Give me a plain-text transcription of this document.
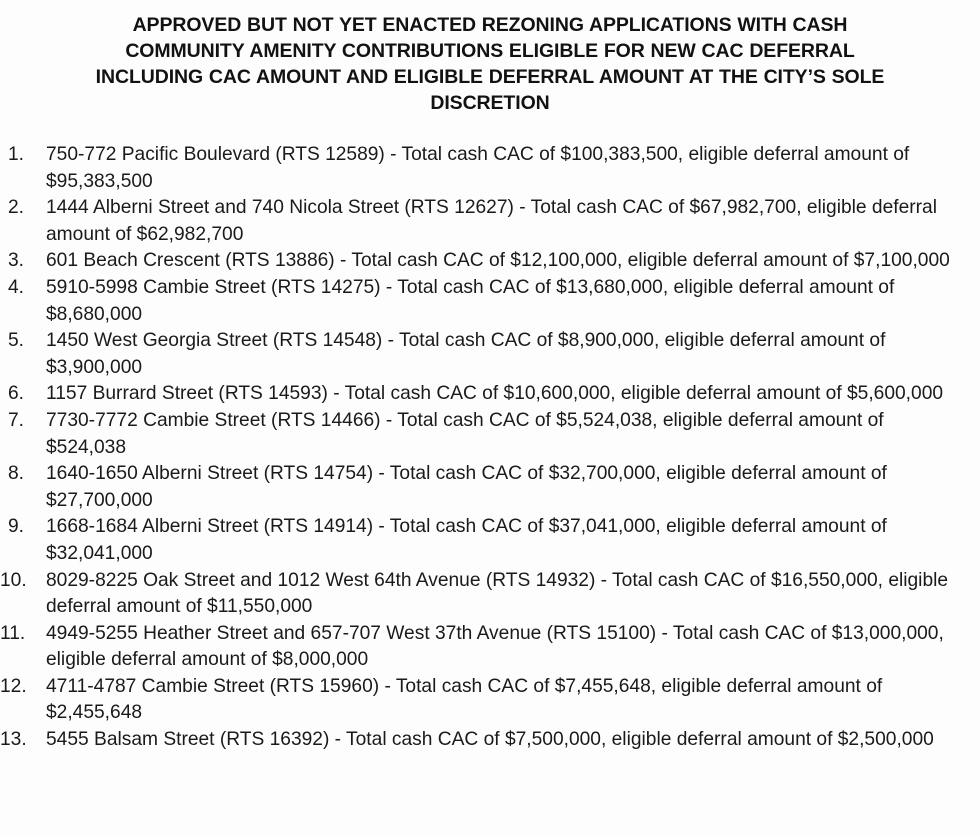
APPROVED BUT NOT YET ENACTED REZONING APPLICATIONS WITH CASH
COMMUNITY AMENITY CONTRIBUTIONS ELIGIBLE FOR NEW CAC DEFERRAL
INCLUDING CAC AMOUNT AND ELIGIBLE DEFERRAL AMOUNT AT THE CITY’S SOLE
DISCRETION
1.	750-772 Pacific Boulevard (RTS 12589) - Total cash CAC of $100,383,500, eligible deferral amount of $95,383,500
2.	1444 Alberni Street and 740 Nicola Street (RTS 12627) - Total cash CAC of $67,982,700, eligible deferral amount of $62,982,700
3.	601 Beach Crescent (RTS 13886) - Total cash CAC of $12,100,000, eligible deferral amount of $7,100,000
4.	5910-5998 Cambie Street (RTS 14275) - Total cash CAC of $13,680,000, eligible deferral amount of $8,680,000
5.	1450 West Georgia Street (RTS 14548) - Total cash CAC of $8,900,000, eligible deferral amount of $3,900,000
6.	1157 Burrard Street (RTS 14593) - Total cash CAC of $10,600,000, eligible deferral amount of $5,600,000
7.	7730-7772 Cambie Street (RTS 14466) - Total cash CAC of $5,524,038, eligible deferral amount of $524,038
8.	1640-1650 Alberni Street (RTS 14754) - Total cash CAC of $32,700,000, eligible deferral amount of $27,700,000
9.	1668-1684 Alberni Street (RTS 14914) - Total cash CAC of $37,041,000, eligible deferral amount of $32,041,000
10.	8029-8225 Oak Street and 1012 West 64th Avenue (RTS 14932) - Total cash CAC of $16,550,000, eligible deferral amount of $11,550,000
11.	4949-5255 Heather Street and 657-707 West 37th Avenue (RTS 15100) - Total cash CAC of $13,000,000, eligible deferral amount of $8,000,000
12.	4711-4787 Cambie Street (RTS 15960) - Total cash CAC of $7,455,648, eligible deferral amount of $2,455,648
13.	5455 Balsam Street (RTS 16392) - Total cash CAC of $7,500,000, eligible deferral amount of $2,500,000
